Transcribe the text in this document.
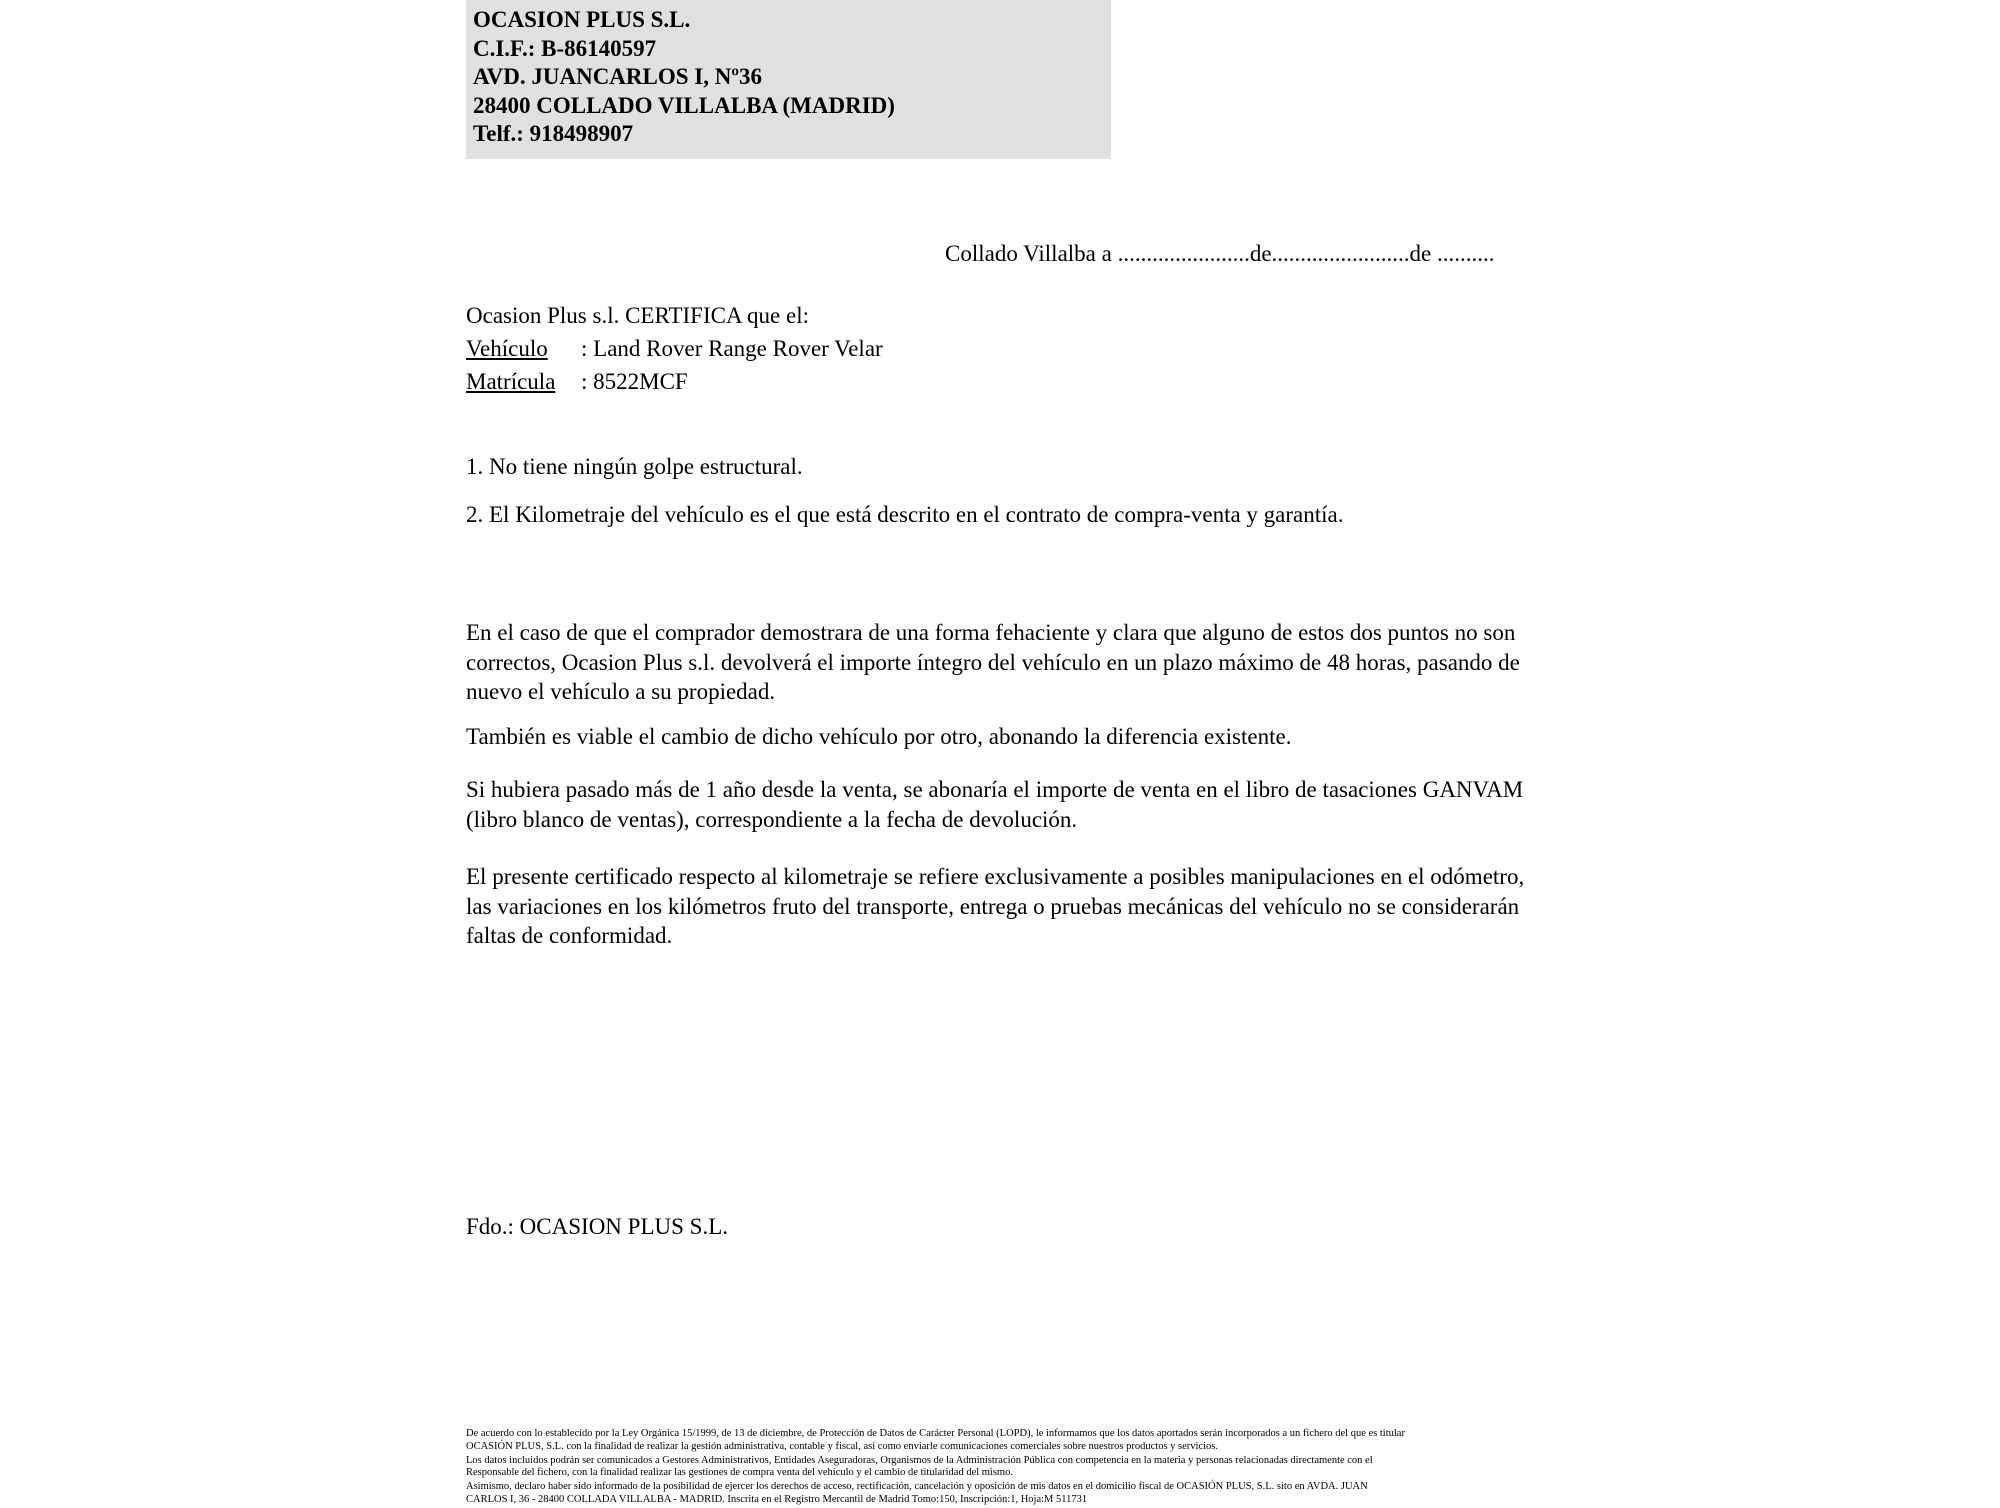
OCASION PLUS S.L.
C.I.F.: B-86140597
AVD. JUANCARLOS I, Nº36
28400 COLLADO VILLALBA (MADRID)
Telf.: 918498907
Collado Villalba a .......................de........................de ..........
Ocasion Plus s.l. CERTIFICA que el:
Vehículo	: Land Rover Range Rover Velar
Matrícula	: 8522MCF
1. No tiene ningún golpe estructural.
2. El Kilometraje del vehículo es el que está descrito en el contrato de compra-venta y garantía.
En el caso de que el comprador demostrara de una forma fehaciente y clara que alguno de estos dos puntos no son correctos, Ocasion Plus s.l. devolverá el importe íntegro del vehículo en un plazo máximo de 48 horas, pasando de nuevo el vehículo a su propiedad.
También es viable el cambio de dicho vehículo por otro, abonando la diferencia existente.
Si hubiera pasado más de 1 año desde la venta, se abonaría el importe de venta en el libro de tasaciones GANVAM (libro blanco de ventas), correspondiente a la fecha de devolución.
El presente certificado respecto al kilometraje se refiere exclusivamente a posibles manipulaciones en el odómetro, las variaciones en los kilómetros fruto del transporte, entrega o pruebas mecánicas del vehículo no se considerarán faltas de conformidad.
Fdo.: OCASION PLUS S.L.

De acuerdo con lo establecido por la Ley Orgánica 15/1999, de 13 de diciembre, de Protección de Datos de Carácter Personal (LOPD), le informamos que los datos aportados serán incorporados a un fichero del que es titular

OCASIÓN PLUS, S.L. con la finalidad de realizar la gestión administrativa, contable y fiscal, así como enviarle comunicaciones comerciales sobre nuestros productos y servicios.

Los datos incluidos podrán ser comunicados a Gestores Administrativos, Entidades Aseguradoras, Organismos de la Administración Pública con competencia en la materia y personas relacionadas directamente con el

Responsable del fichero, con la finalidad realizar las gestiones de compra venta del vehículo y el cambio de titularidad del mismo.

Asimismo, declaro haber sido informado de la posibilidad de ejercer los derechos de acceso, rectificación, cancelación y oposición de mis datos en el domicilio fiscal de OCASIÓN PLUS, S.L. sito en AVDA. JUAN

CARLOS I, 36 - 28400 COLLADA VILLALBA - MADRID. Inscrita en el Registro Mercantil de Madrid Tomo:150, Inscripción:1, Hoja:M 511731
